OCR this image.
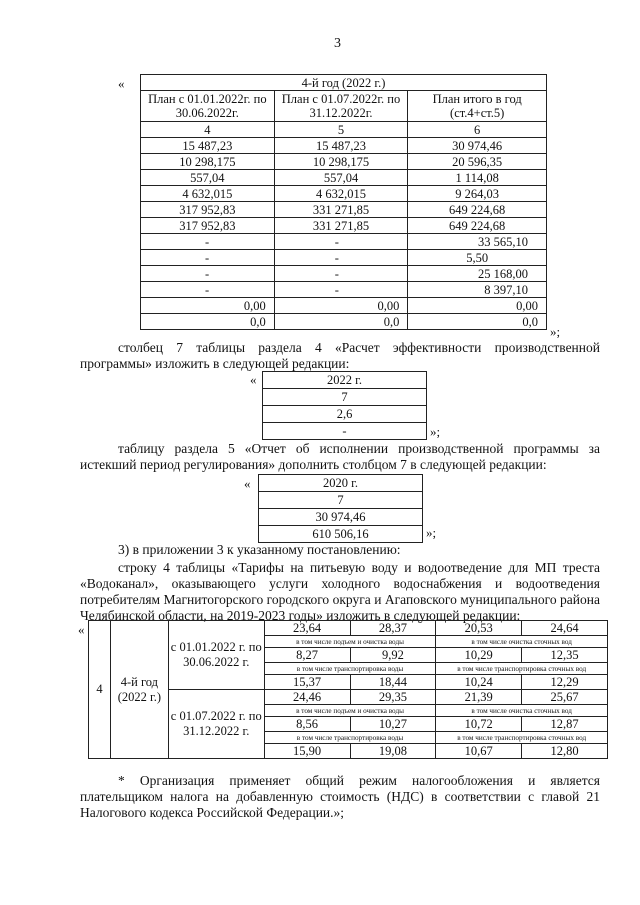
3
«	4-й год (2022 г.)		
План с 01.01.2022г. по 30.06.2022г.	План с 01.07.2022г. по 31.12.2022г.	План итого в год (ст.4+ст.5)
4	5	6
15 487,23	15 487,23	30 974,46
10 298,175	10 298,175	20 596,35
557,04	557,04	1 114,08
4 632,015	4 632,015	9 264,03
317 952,83	331 271,85	649 224,68
317 952,83	331 271,85	649 224,68
-	-	33 565,10
-	-	5,50
-	-	25 168,00
-	-	8 397,10
0,00	0,00	0,00
0,0	0,0	0,0
»;
столбец 7 таблицы раздела 4 «Расчет эффективности производственной программы» изложить в следующей редакции:
«	2022 г.
7
2,6
-	»;
таблицу раздела 5 «Отчет об исполнении производственной программы за истекший период регулирования» дополнить столбцом 7 в следующей редакции:
«	2020 г.
7
30 974,46
610 506,16	»;
3) в приложении 3 к указанному постановлению:
строку 4 таблицы «Тарифы на питьевую воду и водоотведение для МП треста «Водоканал», оказывающего услуги холодного водоснабжения и водоотведения потребителям Магнитогорского городского округа и Агаповского муниципального района Челябинской области, на 2019-2023 годы» изложить в следующей редакции:
«
4	4-й год (2022 г.)	с 01.01.2022 г. по 30.06.2022 г.	23,64	28,37	20,53	24,64
			в том числе подъем и очистка воды		в том числе очистка сточных вод	
			8,27	9,92	10,29	12,35
			в том числе транспортировка воды		в том числе транспортировка сточных вод	
			15,37	18,44	10,24	12,29
		с 01.07.2022 г. по 31.12.2022 г.	24,46	29,35	21,39	25,67
			в том числе подъем и очистка воды		в том числе очистка сточных вод	
			8,56	10,27	10,72	12,87
			в том числе транспортировка воды		в том числе транспортировка сточных вод	
			15,90	19,08	10,67	12,80
* Организация применяет общий режим налогообложения и является плательщиком налога на добавленную стоимость (НДС) в соответствии с главой 21 Налогового кодекса Российской Федерации.»;
